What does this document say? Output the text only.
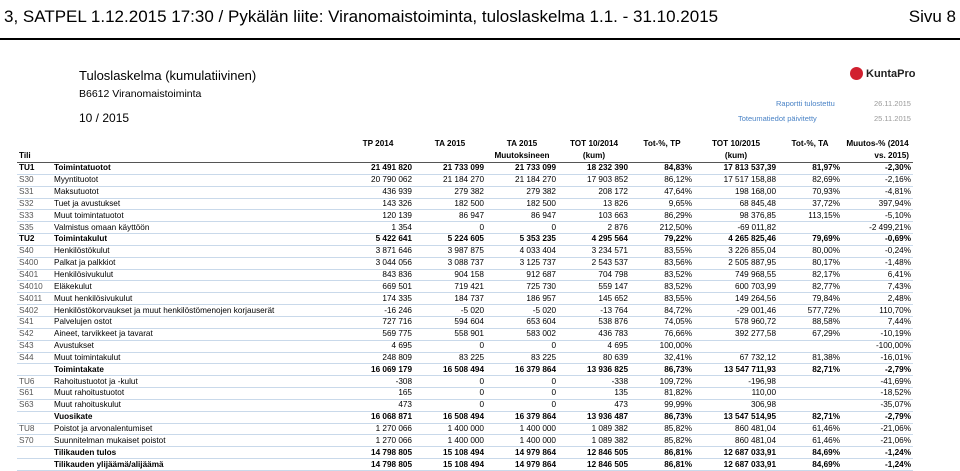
3, SATPEL 1.12.2015 17:30 / Pykälän liite: Viranomaistoiminta, tuloslaskelma 1.1. - 31.10.2015	Sivu 8
Tuloslaskelma (kumulatiivinen)
B6612 Viranomaistoiminta
10 / 2015
KuntaPro
Raportti tulostettu	26.11.2015
Toteumatiedot päivitetty	25.11.2015
		TP 2014	TA 2015	TA 2015	TOT 10/2014	Tot-%, TP	TOT 10/2015	Tot-%, TA	Muutos-% (2014
Tili				Muutoksineen	(kum)		(kum)		vs. 2015)
TU1	Toimintatuotot	21 491 820	21 733 099	21 733 099	18 232 390	84,83%	17 813 537,39	81,97%	-2,30%
S30	Myyntituotot	20 790 062	21 184 270	21 184 270	17 903 852	86,12%	17 517 158,88	82,69%	-2,16%
S31	Maksutuotot	436 939	279 382	279 382	208 172	47,64%	198 168,00	70,93%	-4,81%
S32	Tuet ja avustukset	143 326	182 500	182 500	13 826	9,65%	68 845,48	37,72%	397,94%
S33	Muut toimintatuotot	120 139	86 947	86 947	103 663	86,29%	98 376,85	113,15%	-5,10%
S35	Valmistus omaan käyttöön	1 354	0	0	2 876	212,50%	-69 011,82		-2 499,21%
TU2	Toimintakulut	5 422 641	5 224 605	5 353 235	4 295 564	79,22%	4 265 825,46	79,69%	-0,69%
S40	Henkilöstökulut	3 871 646	3 987 875	4 033 404	3 234 571	83,55%	3 226 855,04	80,00%	-0,24%
S400	Palkat ja palkkiot	3 044 056	3 088 737	3 125 737	2 543 537	83,56%	2 505 887,95	80,17%	-1,48%
S401	Henkilösivukulut	843 836	904 158	912 687	704 798	83,52%	749 968,55	82,17%	6,41%
S4010	Eläkekulut	669 501	719 421	725 730	559 147	83,52%	600 703,99	82,77%	7,43%
S4011	Muut henkilösivukulut	174 335	184 737	186 957	145 652	83,55%	149 264,56	79,84%	2,48%
S402	Henkilöstökorvaukset ja muut henkilöstömenojen korjauserät	-16 246	-5 020	-5 020	-13 764	84,72%	-29 001,46	577,72%	110,70%
S41	Palvelujen ostot	727 716	594 604	653 604	538 876	74,05%	578 960,72	88,58%	7,44%
S42	Aineet, tarvikkeet ja tavarat	569 775	558 901	583 002	436 783	76,66%	392 277,58	67,29%	-10,19%
S43	Avustukset	4 695	0	0	4 695	100,00%			-100,00%
S44	Muut toimintakulut	248 809	83 225	83 225	80 639	32,41%	67 732,12	81,38%	-16,01%
	Toimintakate	16 069 179	16 508 494	16 379 864	13 936 825	86,73%	13 547 711,93	82,71%	-2,79%
TU6	Rahoitustuotot ja -kulut	-308	0	0	-338	109,72%	-196,98		-41,69%
S61	Muut rahoitustuotot	165	0	0	135	81,82%	110,00		-18,52%
S63	Muut rahoituskulut	473	0	0	473	99,99%	306,98		-35,07%
	Vuosikate	16 068 871	16 508 494	16 379 864	13 936 487	86,73%	13 547 514,95	82,71%	-2,79%
TU8	Poistot ja arvonalentumiset	1 270 066	1 400 000	1 400 000	1 089 382	85,82%	860 481,04	61,46%	-21,06%
S70	Suunnitelman mukaiset poistot	1 270 066	1 400 000	1 400 000	1 089 382	85,82%	860 481,04	61,46%	-21,06%
	Tilikauden tulos	14 798 805	15 108 494	14 979 864	12 846 505	86,81%	12 687 033,91	84,69%	-1,24%
	Tilikauden ylijäämä/alijäämä	14 798 805	15 108 494	14 979 864	12 846 505	86,81%	12 687 033,91	84,69%	-1,24%
